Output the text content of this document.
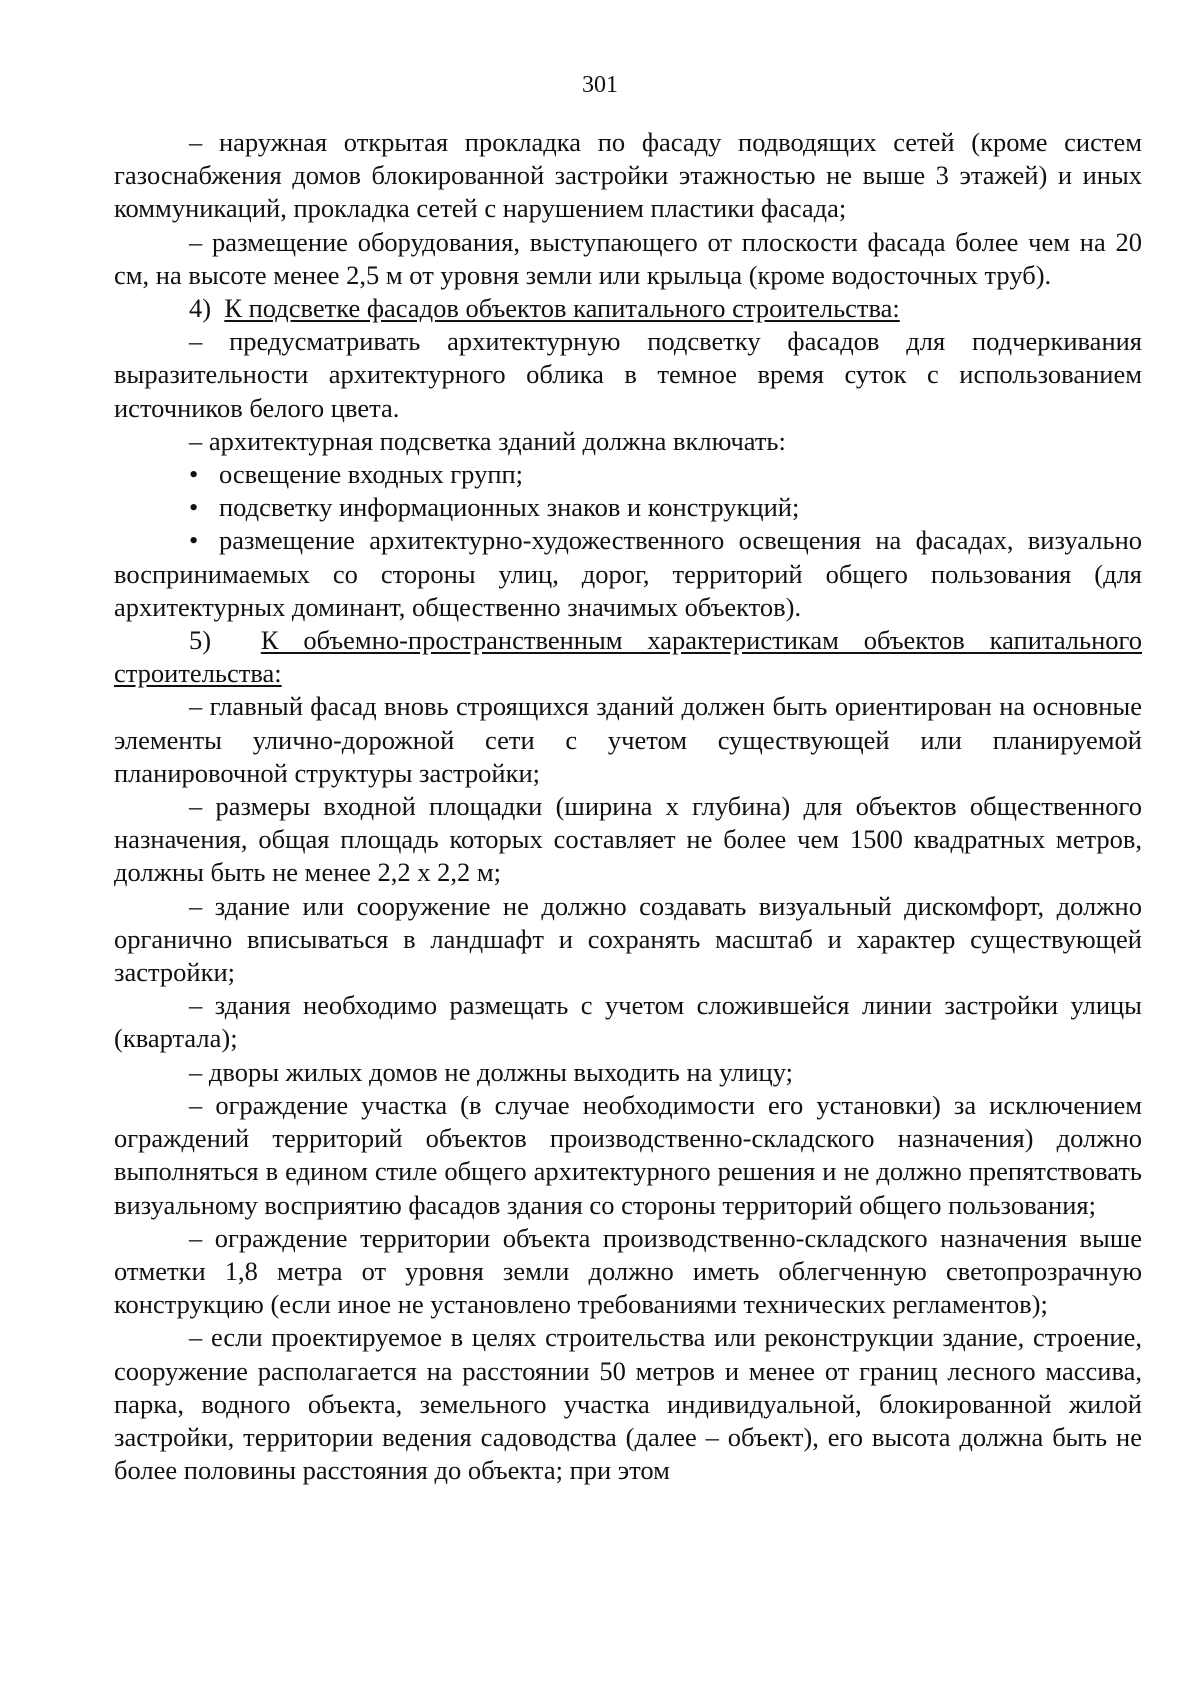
301

– наружная открытая прокладка по фасаду подводящих сетей (кроме систем газоснабжения домов блокированной застройки этажностью не выше 3 этажей) и иных коммуникаций, прокладка сетей с нарушением пластики фасада;

– размещение оборудования, выступающего от плоскости фасада более чем на 20 см, на высоте менее 2,5 м от уровня земли или крыльца (кроме водосточных труб).

4) К подсветке фасадов объектов капитального строительства:

– предусматривать архитектурную подсветку фасадов для подчеркивания выразительности архитектурного облика в темное время суток с использованием источников белого цвета.

– архитектурная подсветка зданий должна включать:

• освещение входных групп;

• подсветку информационных знаков и конструкций;

• размещение архитектурно-художественного освещения на фасадах, визуально воспринимаемых со стороны улиц, дорог, территорий общего пользования (для архитектурных доминант, общественно значимых объектов).

5) К объемно-пространственным характеристикам объектов капитального строительства:

– главный фасад вновь строящихся зданий должен быть ориентирован на основные элементы улично-дорожной сети с учетом существующей или планируемой планировочной структуры застройки;

– размеры входной площадки (ширина х глубина) для объектов общественного назначения, общая площадь которых составляет не более чем 1500 квадратных метров, должны быть не менее 2,2 х 2,2 м;

– здание или сооружение не должно создавать визуальный дискомфорт, должно органично вписываться в ландшафт и сохранять масштаб и характер существующей застройки;

– здания необходимо размещать с учетом сложившейся линии застройки улицы (квартала);

– дворы жилых домов не должны выходить на улицу;

– ограждение участка (в случае необходимости его установки) за исключением ограждений территорий объектов производственно-складского назначения) должно выполняться в едином стиле общего архитектурного решения и не должно препятствовать визуальному восприятию фасадов здания со стороны территорий общего пользования;

– ограждение территории объекта производственно-складского назначения выше отметки 1,8 метра от уровня земли должно иметь облегченную светопрозрачную конструкцию (если иное не установлено требованиями технических регламентов);

– если проектируемое в целях строительства или реконструкции здание, строение, сооружение располагается на расстоянии 50 метров и менее от границ лесного массива, парка, водного объекта, земельного участка индивидуальной, блокированной жилой застройки, территории ведения садоводства (далее – объект), его высота должна быть не более половины расстояния до объекта; при этом
